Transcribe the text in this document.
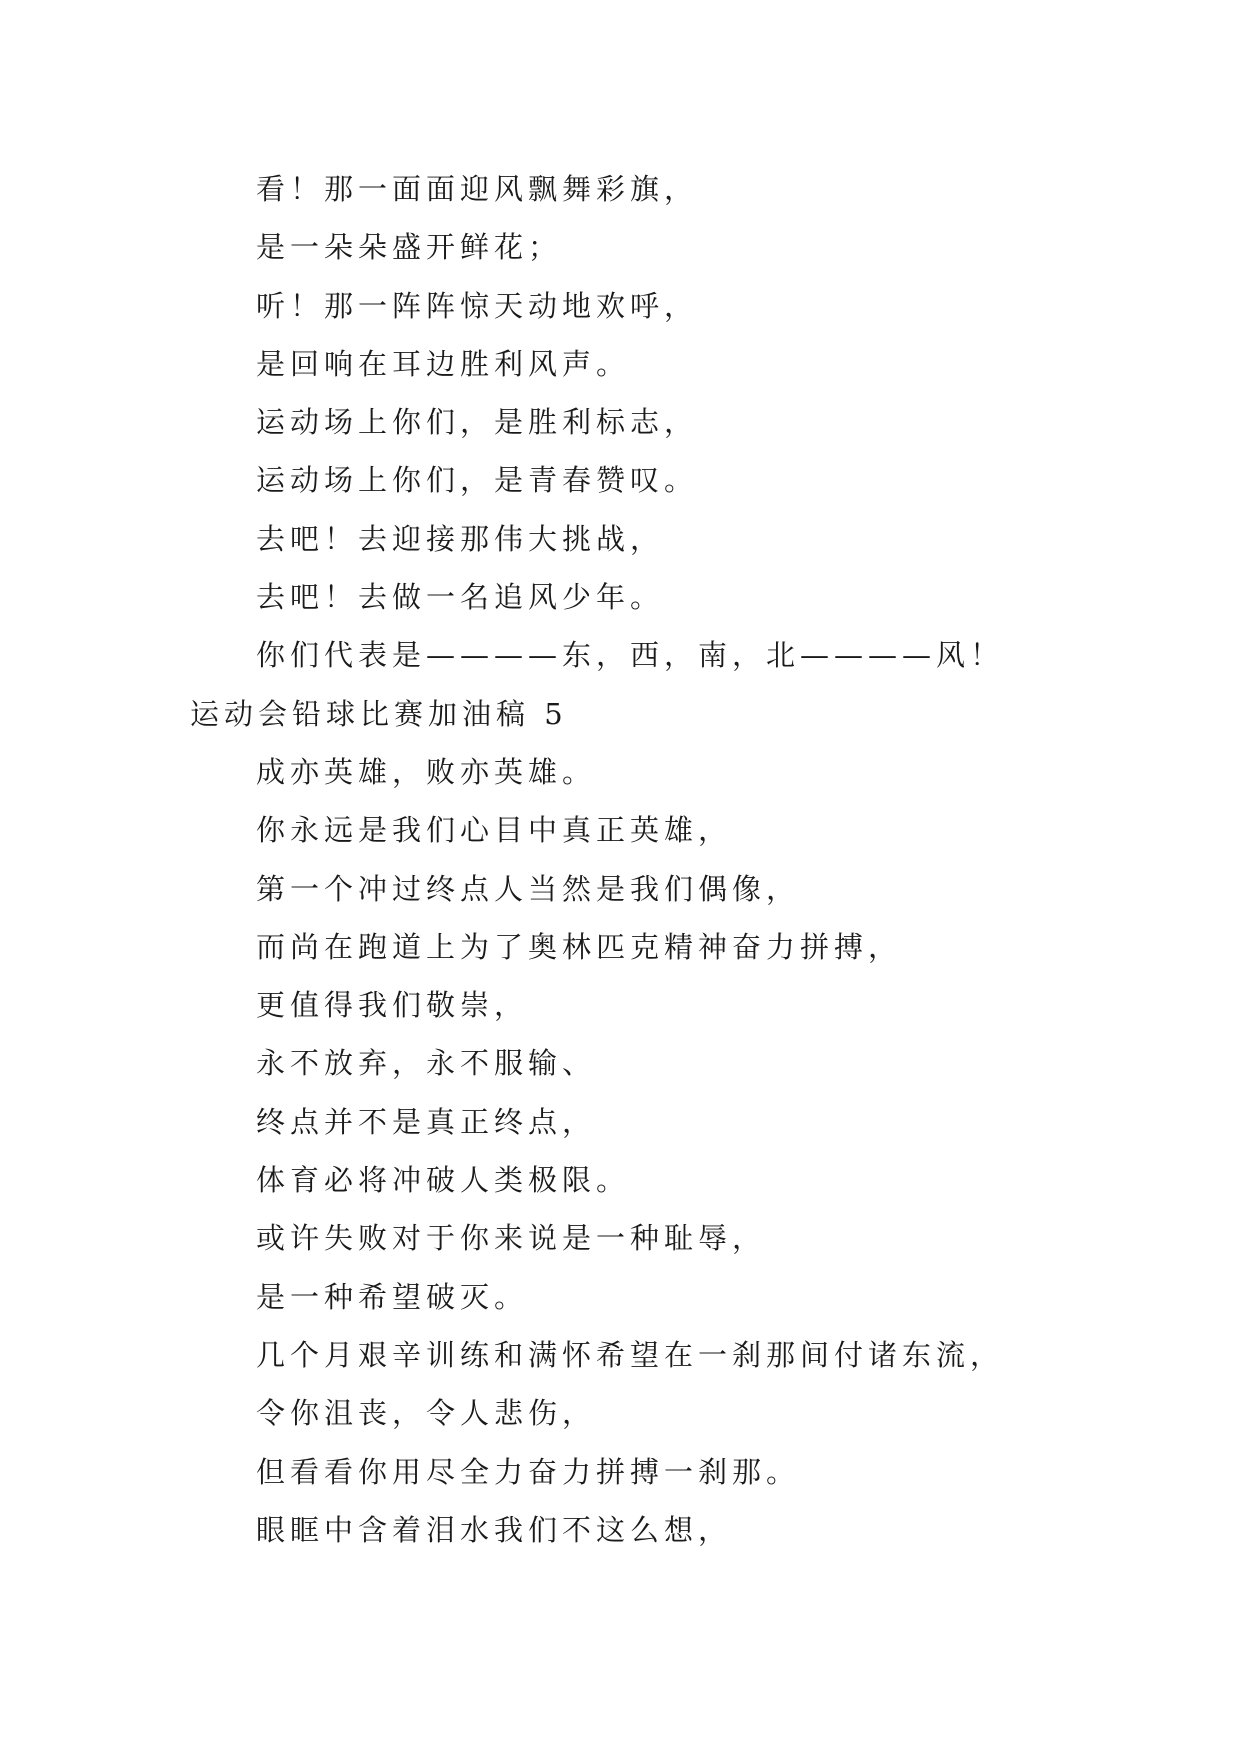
看！那一面面迎风飘舞彩旗，
是一朵朵盛开鲜花；
听！那一阵阵惊天动地欢呼，
是回响在耳边胜利风声。
运动场上你们，是胜利标志，
运动场上你们，是青春赞叹。
去吧！去迎接那伟大挑战，
去吧！去做一名追风少年。
你们代表是————东，西，南，北————风！
运动会铅球比赛加油稿 5
成亦英雄，败亦英雄。
你永远是我们心目中真正英雄，
第一个冲过终点人当然是我们偶像，
而尚在跑道上为了奥林匹克精神奋力拼搏，
更值得我们敬崇，
永不放弃，永不服输、
终点并不是真正终点，
体育必将冲破人类极限。
或许失败对于你来说是一种耻辱，
是一种希望破灭。
几个月艰辛训练和满怀希望在一刹那间付诸东流，
令你沮丧，令人悲伤，
但看看你用尽全力奋力拼搏一刹那。
眼眶中含着泪水我们不这么想，
